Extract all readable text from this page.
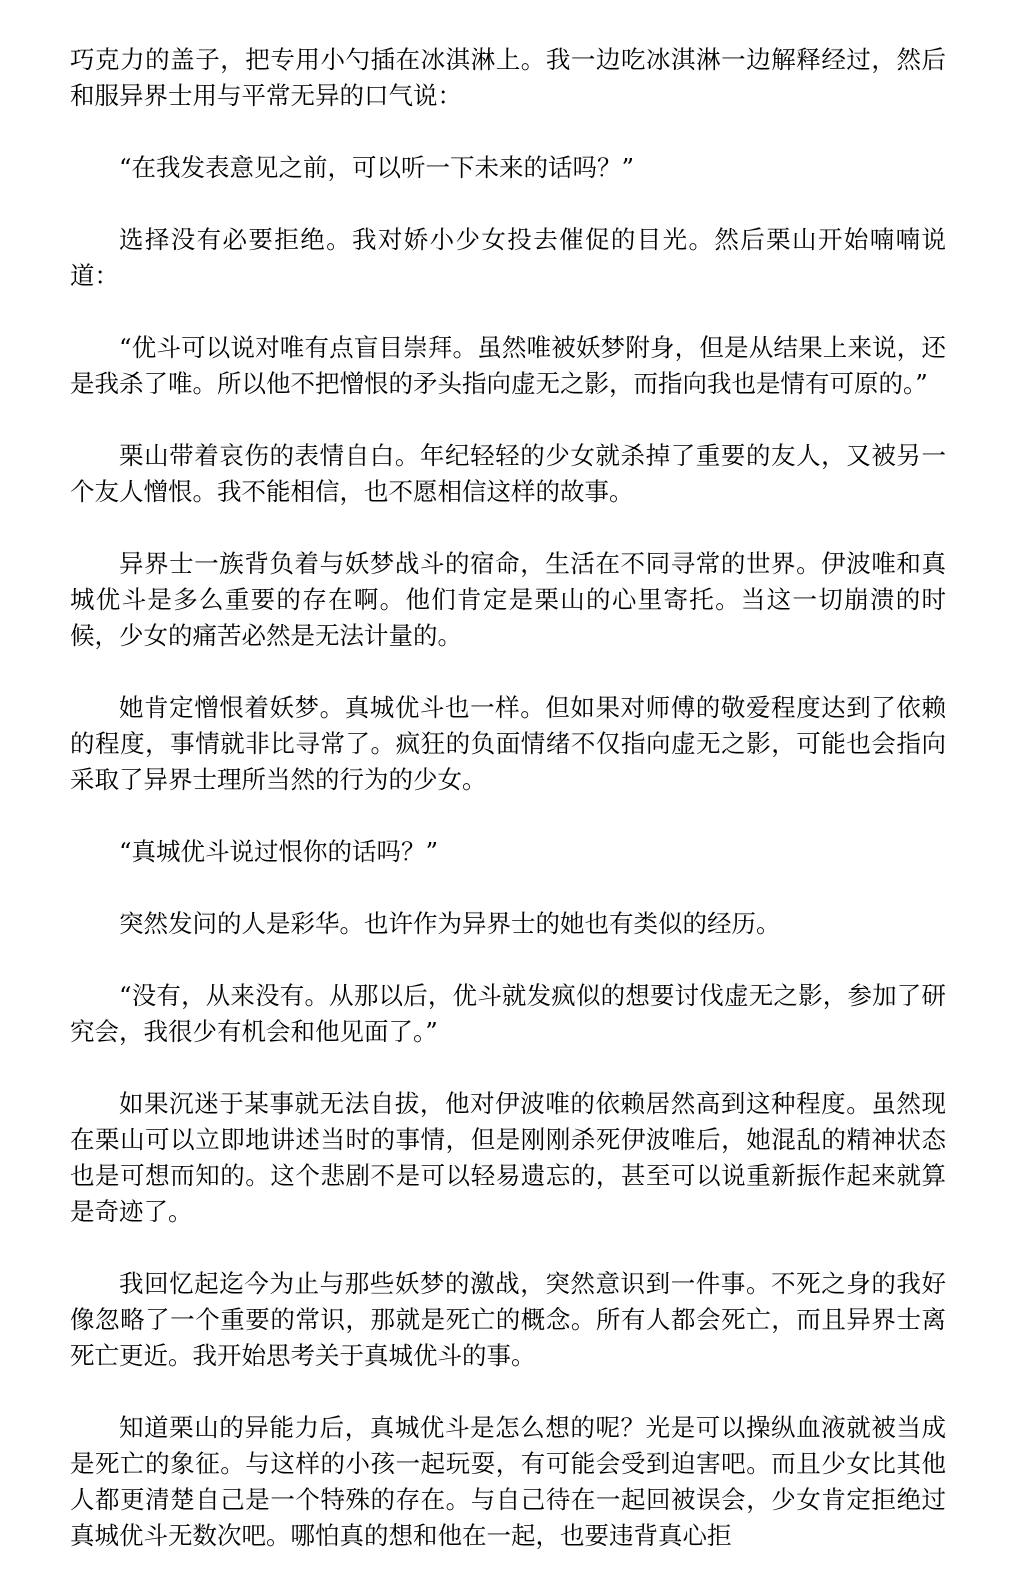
巧克力的盖子，把专用小勺插在冰淇淋上。我一边吃冰淇淋一边解释经过，然后和服异界士用与平常无异的口气说：

“在我发表意见之前，可以听一下未来的话吗？”

选择没有必要拒绝。我对娇小少女投去催促的目光。然后栗山开始喃喃说道：

“优斗可以说对唯有点盲目崇拜。虽然唯被妖梦附身，但是从结果上来说，还是我杀了唯。所以他不把憎恨的矛头指向虚无之影，而指向我也是情有可原的。”

栗山带着哀伤的表情自白。年纪轻轻的少女就杀掉了重要的友人，又被另一个友人憎恨。我不能相信，也不愿相信这样的故事。

异界士一族背负着与妖梦战斗的宿命，生活在不同寻常的世界。伊波唯和真城优斗是多么重要的存在啊。他们肯定是栗山的心里寄托。当这一切崩溃的时候，少女的痛苦必然是无法计量的。

她肯定憎恨着妖梦。真城优斗也一样。但如果对师傅的敬爱程度达到了依赖的程度，事情就非比寻常了。疯狂的负面情绪不仅指向虚无之影，可能也会指向采取了异界士理所当然的行为的少女。

“真城优斗说过恨你的话吗？”

突然发问的人是彩华。也许作为异界士的她也有类似的经历。

“没有，从来没有。从那以后，优斗就发疯似的想要讨伐虚无之影，参加了研究会，我很少有机会和他见面了。”

如果沉迷于某事就无法自拔，他对伊波唯的依赖居然高到这种程度。虽然现在栗山可以立即地讲述当时的事情，但是刚刚杀死伊波唯后，她混乱的精神状态也是可想而知的。这个悲剧不是可以轻易遗忘的，甚至可以说重新振作起来就算是奇迹了。

我回忆起迄今为止与那些妖梦的激战，突然意识到一件事。不死之身的我好像忽略了一个重要的常识，那就是死亡的概念。所有人都会死亡，而且异界士离死亡更近。我开始思考关于真城优斗的事。

知道栗山的异能力后，真城优斗是怎么想的呢？光是可以操纵血液就被当成是死亡的象征。与这样的小孩一起玩耍，有可能会受到迫害吧。而且少女比其他人都更清楚自己是一个特殊的存在。与自己待在一起回被误会，少女肯定拒绝过真城优斗无数次吧。哪怕真的想和他在一起，也要违背真心拒
